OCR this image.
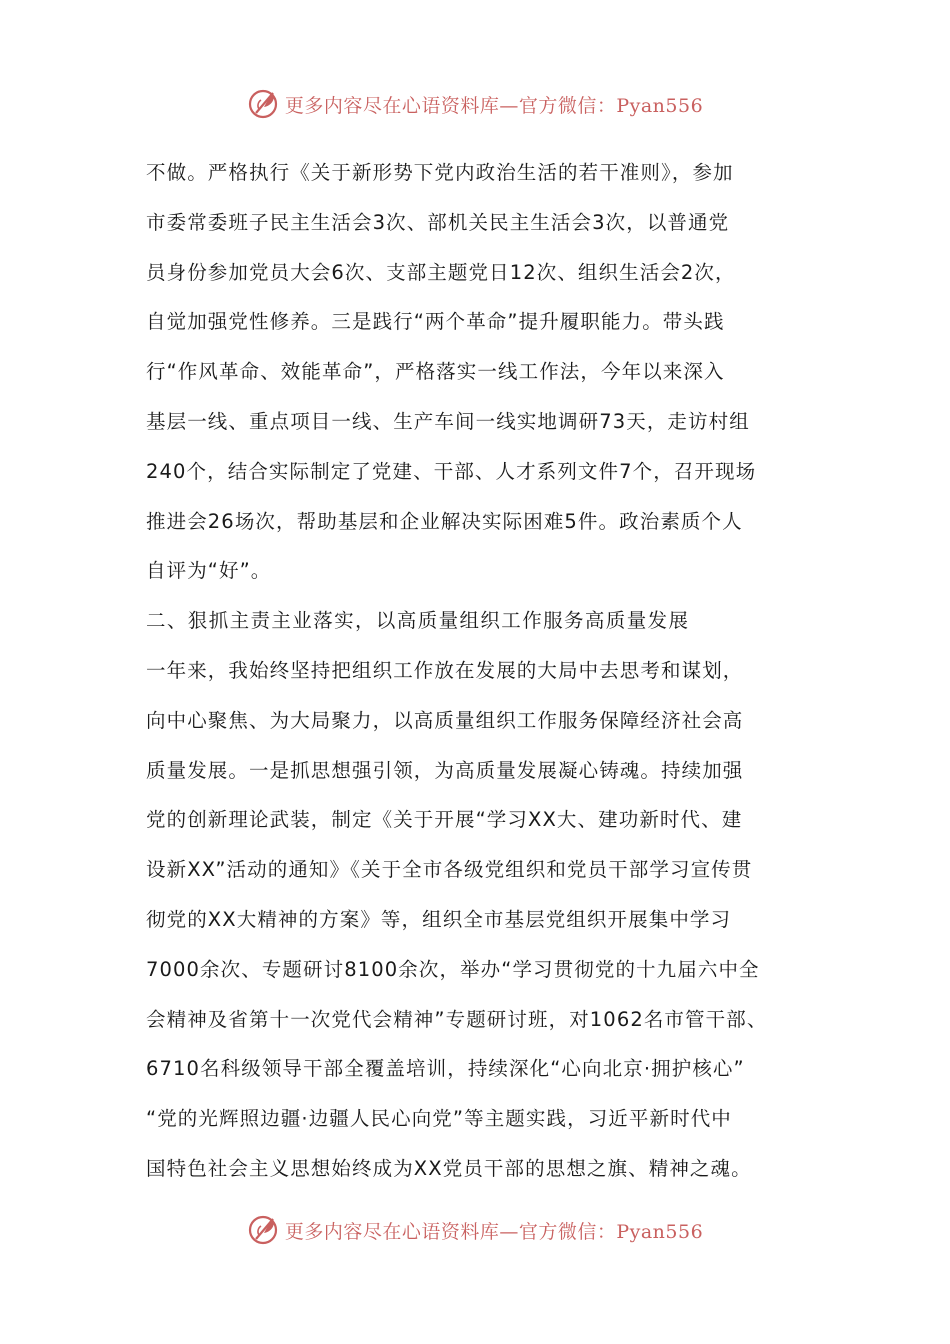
更多内容尽在心语资料库—官方微信：Pyan556
不做。严格执行《关于新形势下党内政治生活的若干准则》，参加
市委常委班子民主生活会3次、部机关民主生活会3次，以普通党
员身份参加党员大会6次、支部主题党日12次、组织生活会2次，
自觉加强党性修养。三是践行“两个革命”提升履职能力。带头践
行“作风革命、效能革命”，严格落实一线工作法，今年以来深入
基层一线、重点项目一线、生产车间一线实地调研73天，走访村组
240个，结合实际制定了党建、干部、人才系列文件7个，召开现场
推进会26场次，帮助基层和企业解决实际困难5件。政治素质个人
自评为“好”。
二、狠抓主责主业落实，以高质量组织工作服务高质量发展
一年来，我始终坚持把组织工作放在发展的大局中去思考和谋划，
向中心聚焦、为大局聚力，以高质量组织工作服务保障经济社会高
质量发展。一是抓思想强引领，为高质量发展凝心铸魂。持续加强
党的创新理论武装，制定《关于开展“学习XX大、建功新时代、建
设新XX”活动的通知》《关于全市各级党组织和党员干部学习宣传贯
彻党的XX大精神的方案》等，组织全市基层党组织开展集中学习
7000余次、专题研讨8100余次，举办“学习贯彻党的十九届六中全
会精神及省第十一次党代会精神”专题研讨班，对1062名市管干部、
6710名科级领导干部全覆盖培训，持续深化“心向北京·拥护核心”
“党的光辉照边疆·边疆人民心向党”等主题实践，习近平新时代中
国特色社会主义思想始终成为XX党员干部的思想之旗、精神之魂。
更多内容尽在心语资料库—官方微信：Pyan556
